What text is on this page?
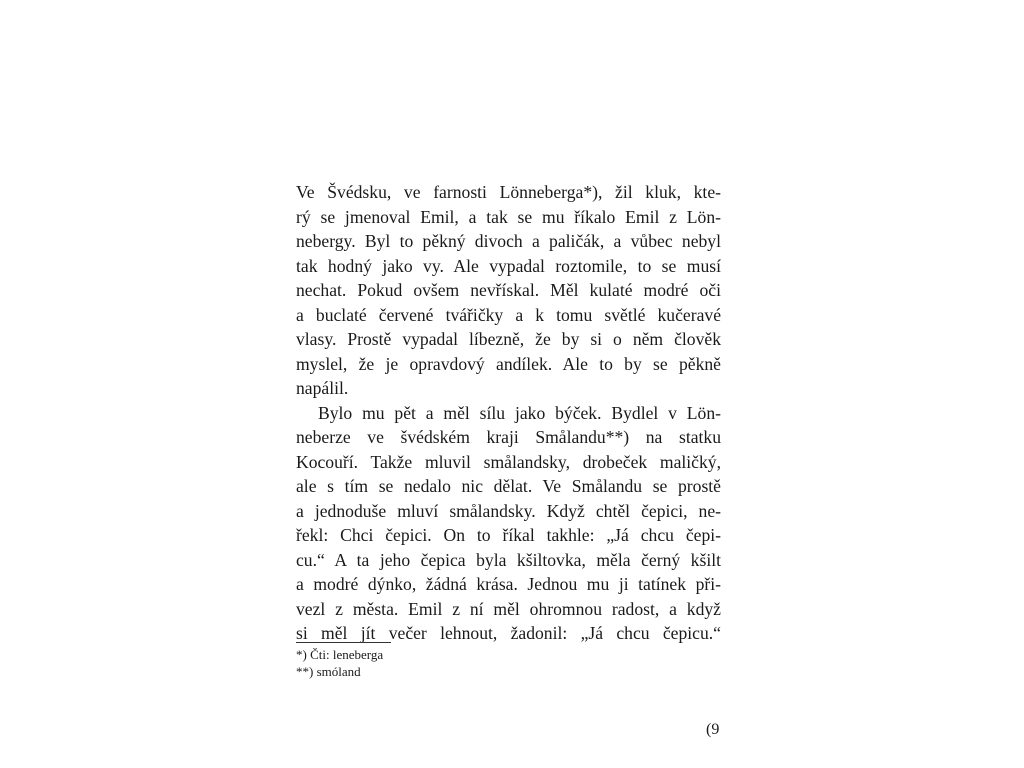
Ve Švédsku, ve farnosti Lönneberga*), žil kluk, kte-
rý se jmenoval Emil, a tak se mu říkalo Emil z Lön-
nebergy. Byl to pěkný divoch a paličák, a vůbec nebyl
tak hodný jako vy. Ale vypadal roztomile, to se musí
nechat. Pokud ovšem nevřískal. Měl kulaté modré oči
a buclaté červené tvářičky a k tomu světlé kučeravé
vlasy. Prostě vypadal líbezně, že by si o něm člověk
myslel, že je opravdový andílek. Ale to by se pěkně
napálil.
Bylo mu pět a měl sílu jako býček. Bydlel v Lön-
neberze ve švédském kraji Smålandu**) na statku
Kocouří. Takže mluvil smålandsky, drobeček maličký,
ale s tím se nedalo nic dělat. Ve Smålandu se prostě
a jednoduše mluví smålandsky. Když chtěl čepici, ne-
řekl: Chci čepici. On to říkal takhle: „Já chcu čepi-
cu.“ A ta jeho čepica byla kšiltovka, měla černý kšilt
a modré dýnko, žádná krása. Jednou mu ji tatínek při-
vezl z města. Emil z ní měl ohromnou radost, a když
si měl jít večer lehnout, žadonil: „Já chcu čepicu.“
*) Čti: leneberga
**) smóland
(9
